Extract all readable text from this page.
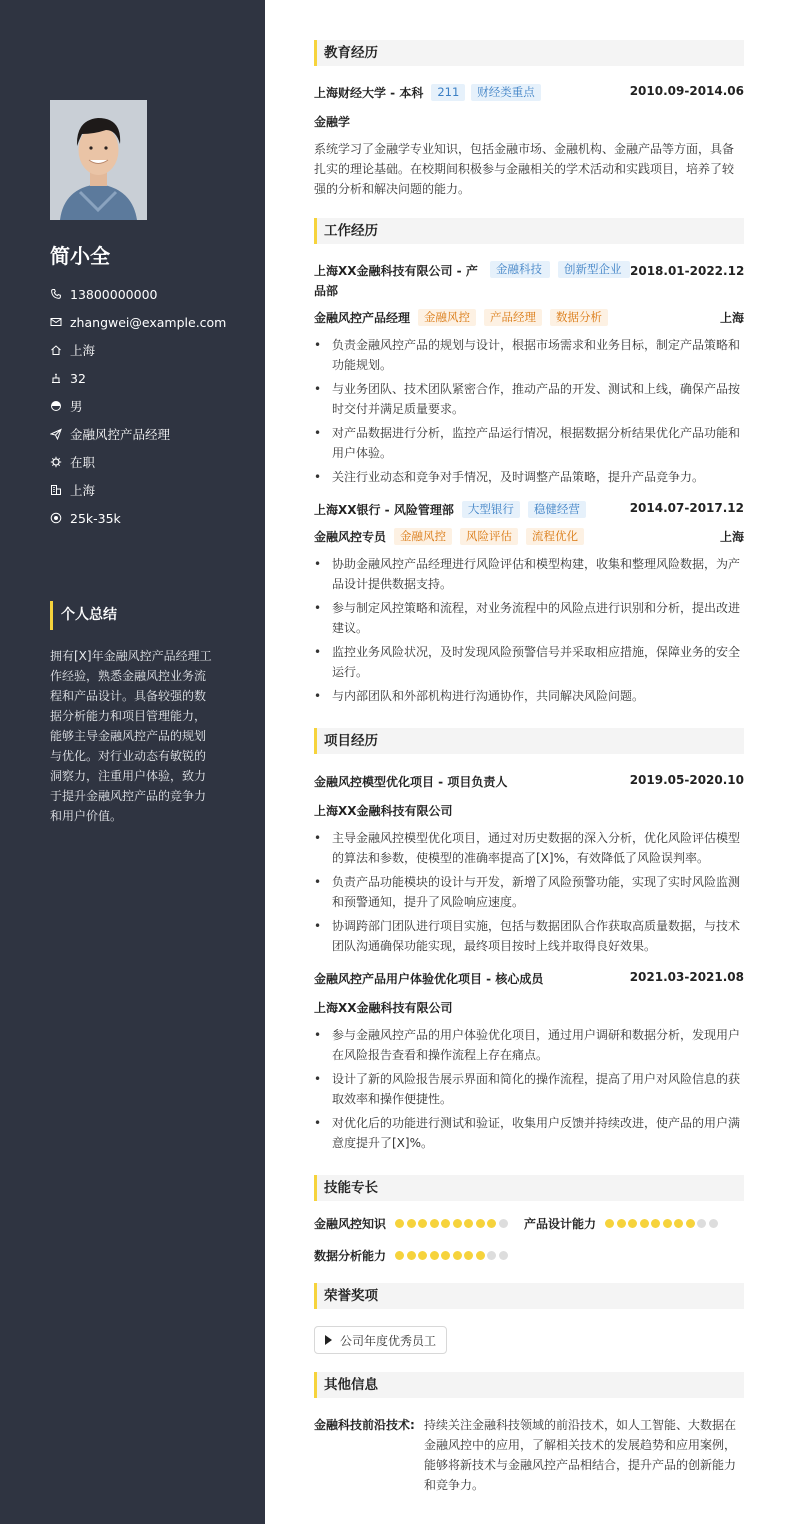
简小全
13800000000
zhangwei@example.com
上海
32
男
金融风控产品经理
在职
上海
25k-35k
个人总结
拥有[X]年金融风控产品经理工作经验，熟悉金融风控业务流程和产品设计。具备较强的数据分析能力和项目管理能力，能够主导金融风控产品的规划与优化。对行业动态有敏锐的洞察力，注重用户体验，致力于提升金融风控产品的竞争力和用户价值。
教育经历
上海财经大学 - 本科	211	财经类重点	2010.09-2014.06
金融学
系统学习了金融学专业知识，包括金融市场、金融机构、金融产品等方面，具备扎实的理论基础。在校期间积极参与金融相关的学术活动和实践项目，培养了较强的分析和解决问题的能力。
工作经历
上海XX金融科技有限公司 - 产品部
金融科技	创新型企业 2018.01-2022.12
金融风控产品经理	金融风控	产品经理	数据分析	上海
• 负责金融风控产品的规划与设计，根据市场需求和业务目标，制定产品策略和功能规划。
• 与业务团队、技术团队紧密合作，推动产品的开发、测试和上线，确保产品按时交付并满足质量要求。
• 对产品数据进行分析，监控产品运行情况，根据数据分析结果优化产品功能和用户体验。
• 关注行业动态和竞争对手情况，及时调整产品策略，提升产品竞争力。
上海XX银行 - 风险管理部	大型银行	稳健经营	2014.07-2017.12
金融风控专员	金融风控	风险评估	流程优化	上海
• 协助金融风控产品经理进行风险评估和模型构建，收集和整理风险数据，为产品设计提供数据支持。
• 参与制定风控策略和流程，对业务流程中的风险点进行识别和分析，提出改进建议。
• 监控业务风险状况，及时发现风险预警信号并采取相应措施，保障业务的安全运行。
• 与内部团队和外部机构进行沟通协作，共同解决风险问题。
项目经历
金融风控模型优化项目 - 项目负责人	2019.05-2020.10
上海XX金融科技有限公司
• 主导金融风控模型优化项目，通过对历史数据的深入分析，优化风险评估模型的算法和参数，使模型的准确率提高了[X]%，有效降低了风险误判率。
• 负责产品功能模块的设计与开发，新增了风险预警功能，实现了实时风险监测和预警通知，提升了风险响应速度。
• 协调跨部门团队进行项目实施，包括与数据团队合作获取高质量数据，与技术团队沟通确保功能实现，最终项目按时上线并取得良好效果。
金融风控产品用户体验优化项目 - 核心成员	2021.03-2021.08
上海XX金融科技有限公司
• 参与金融风控产品的用户体验优化项目，通过用户调研和数据分析，发现用户在风险报告查看和操作流程上存在痛点。
• 设计了新的风险报告展示界面和简化的操作流程，提高了用户对风险信息的获取效率和操作便捷性。
• 对优化后的功能进行测试和验证，收集用户反馈并持续改进，使产品的用户满意度提升了[X]%。
技能专长
金融风控知识	产品设计能力
数据分析能力
荣誉奖项
公司年度优秀员工
其他信息
金融科技前沿技术: 持续关注金融科技领域的前沿技术，如人工智能、大数据在金融风控中的应用，了解相关技术的发展趋势和应用案例，能够将新技术与金融风控产品相结合，提升产品的创新能力和竞争力。
